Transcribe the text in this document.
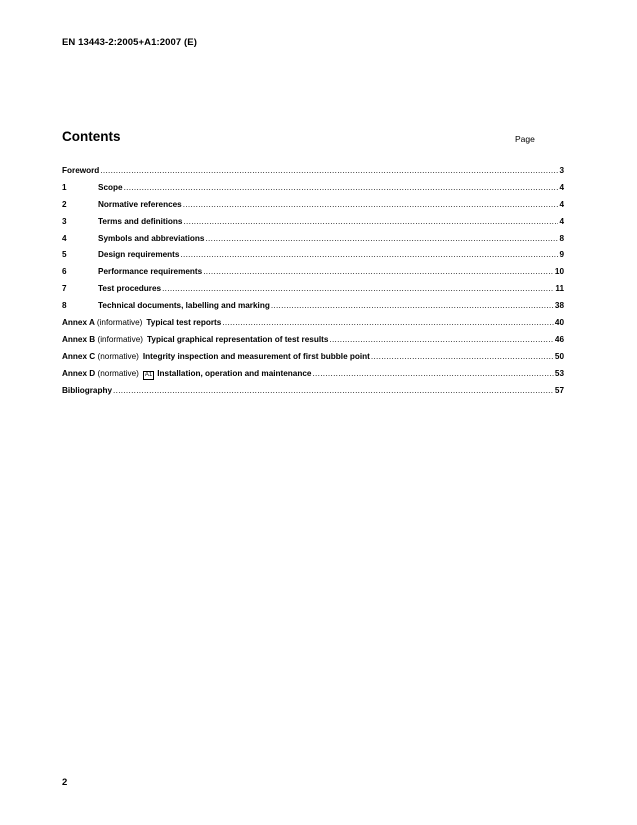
EN 13443-2:2005+A1:2007 (E)
Contents	Page
Foreword .....	3
1	Scope .....	4
2	Normative references .....	4
3	Terms and definitions .....	4
4	Symbols and abbreviations .....	8
5	Design requirements .....	9
6	Performance requirements .....	10
7	Test procedures .....	11
8	Technical documents, labelling and marking .....	38
Annex A (informative) Typical test reports .....	40
Annex B (informative) Typical graphical representation of test results .....	46
Annex C (normative) Integrity inspection and measurement of first bubble point .....	50
Annex D (normative)	A1 Installation, operation and maintenance .....	53
Bibliography .....	57
2
